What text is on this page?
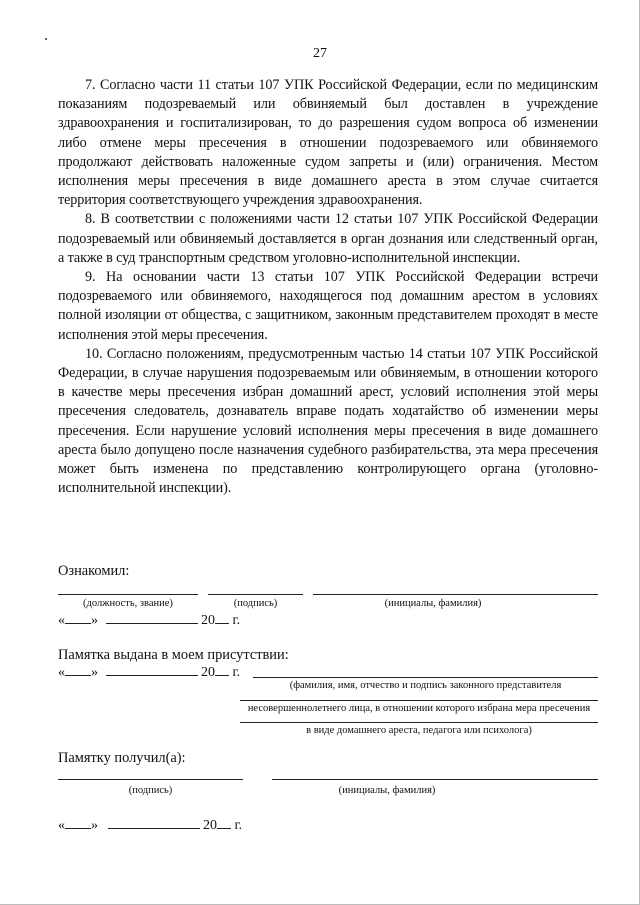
27

7. Согласно части 11 статьи 107 УПК Российской Федерации, если по медицинским показаниям подозреваемый или обвиняемый был доставлен в учреждение здравоохранения и госпитализирован, то до разрешения судом вопроса об изменении либо отмене меры пресечения в отношении подозреваемого или обвиняемого продолжают действовать наложенные судом запреты и (или) ограничения. Местом исполнения меры пресечения в виде домашнего ареста в этом случае считается территория соответствующего учреждения здравоохранения.

8. В соответствии с положениями части 12 статьи 107 УПК Российской Федерации подозреваемый или обвиняемый доставляется в орган дознания или следственный орган, а также в суд транспортным средством уголовно-исполнительной инспекции.

9. На основании части 13 статьи 107 УПК Российской Федерации встречи подозреваемого или обвиняемого, находящегося под домашним арестом в условиях полной изоляции от общества, с защитником, законным представителем проходят в месте исполнения этой меры пресечения.

10. Согласно положениям, предусмотренным частью 14 статьи 107 УПК Российской Федерации, в случае нарушения подозреваемым или обвиняемым, в отношении которого в качестве меры пресечения избран домашний арест, условий исполнения этой меры пресечения следователь, дознаватель вправе подать ходатайство об изменении меры пресечения. Если нарушение условий исполнения меры пресечения в виде домашнего ареста было допущено после назначения судебного разбирательства, эта мера пресечения может быть изменена по представлению контролирующего органа (уголовно-исполнительной инспекции).

Ознакомил:
(должность, звание)	(подпись)	(инициалы, фамилия)
« »	20 г.
Памятка выдана в моем присутствии:
« »	20 г.
(фамилия, имя, отчество и подпись законного представителя
несовершеннолетнего лица, в отношении которого избрана мера пресечения
в виде домашнего ареста, педагога или психолога)
Памятку получил(а):
(подпись)	(инициалы, фамилия)
« »	20 г.
